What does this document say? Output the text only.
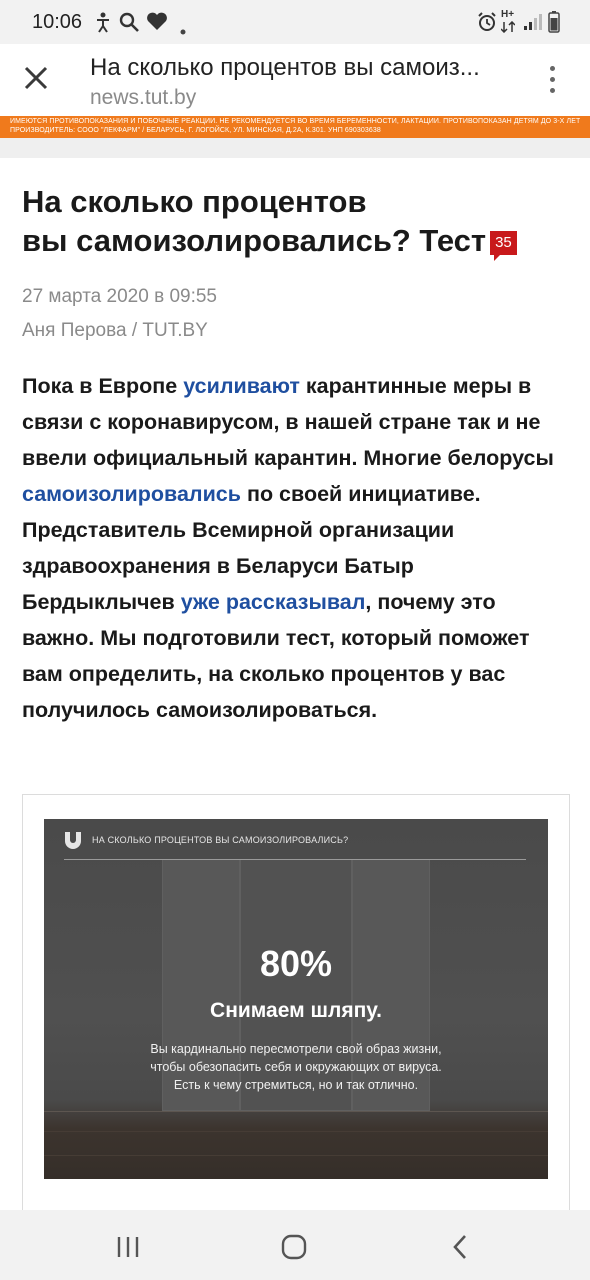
10:06	H+
На сколько процентов вы самоиз...
news.tut.by
ИМЕЮТСЯ ПРОТИВОПОКАЗАНИЯ И ПОБОЧНЫЕ РЕАКЦИИ. НЕ РЕКОМЕНДУЕТСЯ ВО ВРЕМЯ БЕРЕМЕННОСТИ, ЛАКТАЦИИ. ПРОТИВОПОКАЗАН ДЕТЯМ ДО 3-Х ЛЕТ
ПРОИЗВОДИТЕЛЬ: СООО "ЛЕКФАРМ" / БЕЛАРУСЬ, Г. ЛОГОЙСК, УЛ. МИНСКАЯ, Д.2А, К.301. УНП 690303638
На сколько процентов
вы самоизолировались? Тест 35
27 марта 2020 в 09:55
Аня Перова / TUT.BY

Пока в Европе усиливают карантинные меры в связи с коронавирусом, в нашей стране так и не ввели официальный карантин. Многие белорусы самоизолировались по своей инициативе. Представитель Всемирной организации здравоохранения в Беларуси Батыр Бердыклычев уже рассказывал, почему это важно. Мы подготовили тест, который поможет вам определить, на сколько процентов у вас получилось самоизолироваться.

НА СКОЛЬКО ПРОЦЕНТОВ ВЫ САМОИЗОЛИРОВАЛИСЬ?
80%
Снимаем шляпу.
Вы кардинально пересмотрели свой образ жизни,
чтобы обезопасить себя и окружающих от вируса.
Есть к чему стремиться, но и так отлично.
